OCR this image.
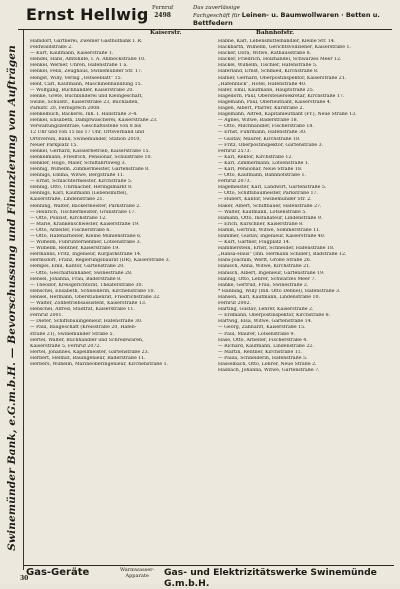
Ernst Hellwig Fernruf
2498
Das zuverlässige
Fachgeschäft für Leinen- u. Baumwollwaren · Betten u. Bettfedern
Swinemünder Bank, e.G.m.b.H. — Bevorschussung und Finanzierung von Aufträgen
Kaiserstr.	Bahnhofstr.
Hamdorf, Gärtnerei, Zweiner Gasthofbank I. R.
Feldwaldstraße 2.
— Kurt, Kaufmann, Kaiserstraße 1.
Hendel, Hans, Amtshilfe, I. A. Ahlbeckstraße 10.
Henkel, Werner, Uhren, Hafenstraße 1 a.
Henkel, Felix, Zeughaus, Swinemünder Str. 17.
Hengst, Willy, Verlag „Ostseeblatt“ 15.
Henf, Carl, Kaufmann, Maschinenhandlung 15.
— Wolfgang, Buchhändler, Kaiserstraße 20.
Henke, Grete, Buchbinderei und Kleingeschäft,
Swine, Schulstr., Kaiserstraße 23, Buchladen,
Parkstr. 20, Fernsprech 2008.
Henkelbuch, Bäckerei, Inh. I. Hallstraße 3–4.
Henkel, Elisabeth, Dampfwäscherei, Kaiserstraße 23.
Verwaltungszentrale, Geschäftsstelle von 8 bis
12 Uhr und von 15 bis 17 Uhr, Ortsverband und
Ortsverein, Bank, Swinemünder, Station 2010,
Neuer Parkplatz 15.
Henkel, Gerhard, Kassierbetrieb, Kaiserstraße 15.
Henkelmann, Friedrich, Pensionär, Schulstraße 10.
Henkler, Hugo, Maler, Schiffahrtsweg 3.
Hennig, Wilhelm, Zimmermeister, Gartenstraße 8.
Hennigs, Emma, Witwe, Bergstraße 11.
— Ernst, Schlachtermeister, Kirchstraße 5.
Hennig, Otto, Uhrmacher, Heringsmarkt 8.
Hennigs, Karl, Kaufmann (Lebensmittel),
Kaiserstraße, Lindenstraße 21.
Henning, Walter, Bäckermeister, Parkstraße 2.
— Heinrich, Tischlermeister, Grünstraße 17.
— Otto, Polizist, Kirchstraße 12.
— Marie, Krankenschwester, Kaiserstraße 19.
— Otto, Arbeiter, Fischerstraße 6.
— Otto, Hafenarbeiter, Kleine Mühlenstraße 6.
— Wilhelm, Fuhrunternehmer, Lotsenstraße 3.
— Wilhelm, Rentner, Kaiserstraße 19.
Hermanns, Fritz, Ingenieur, Kurparkstraße 14.
Hermsdorf, Franz, Regierungsbaurat (DR), Kaiserstraße 3.
Hempel, Emil, Kantor, Gartenstraße 20.
— Otto, Geschäftsinhaber, Swinestraße 28.
Hensel, Johanna, Frau, Bäderstraße 8.
— Theodor, Kreisgerichtsrat, Theaterstraße 30.
Henschel, Elisabeth, Schneiderin, Kirchenstraße 10.
Hensel, Hermann, Oberstudienrat, Friedrichstraße 32.
— Walter, Zollbetriebsassistent, Kaiserstraße 13.
Henschel, Alfred, Stadtrat, Kaiserstraße 11.
Fernruf 2001.
— Dieter, Schiffsbauingenieur, Hafenstraße 30.
— Paul, Baugeschäft (Kreisstraße 20, Hafen-
straße 21), Swinemünder Straße 5.
Hertel, Walter, Buchhändler und Schreibwaren,
Kaiserstraße 5, Fernruf 2072.
Hertel, Johannes, Kapellmeister, Gartenstraße 23.
Herbert, Helmut, Bauingenieur, Bäderstraße 11.
Herbers, Wilhelm, Marineoberingenieur, Kirchenstraße 1.
Habbe, Karl, Lebensmittelhändler, Kleine Str. 14.
Hackbarth, Wilhelm, Gerichtsvollzieher, Kaiserstraße 1.
Hacker, Dora, Witwe, Rathausstraße 8.
Hacker, Friedrich, Holzhandel, Schwarzes Meer 12.
Hackel, Wilhelm, Tischler, Hafenstraße 5.
Haferland, Ernst, Schmied, Kirchstraße 8.
Hafner, Gerhard, Oberpostinspektor, Kaiserstraße 21.
„Hafenblick“, Hotel, Hafenstraße 40.
Hafer, Emil, Kaufmann, Hauptstraße 25.
Hagedorn, Paul, Obersteuersekretär, Kirchstraße 17.
Hagemann, Paul, Oberleutnant, Kaiserstraße 4.
Hagen, Albert, Pfarrer, Kurstraße 2.
Hagemann, Alfred, Kapitänleutnant (Fr.), Neue Straße 13.
— Agnes, Witwe, Bäderstraße 18.
— Otto, Milchhändler, Fischerstraße 18.
— Ernst, Fuhrmann, Hafenstraße 30.
— Gustav, Maurer, Kirchstraße 18.
— Fritz, Oberpostinspektor, Gartenstraße 3.
Fernruf 2573.
— Karl, Rektor, Kirchstraße 12.
— Karl, Zimmermann, Lotsenstraße 1.
— Karl, Pensionär, Neue Straße 18.
— Otto, Kaufmann, Bahnhofstraße 1.
Fernruf 2073.
Hagemeister, Karl, Landwirt, Gartenstraße 5.
— Otto, Schiffsbaumeister, Parkstraße 17.
— Hubert, Kantor, Swinemünder Str. 2.
Haker, Albert, Schiffbauer, Hafenstraße 27.
— Walter, Kaufmann, Lotsenstraße 5.
Hamann, Otto, Installateur, Lindenstraße 9.
— Erich, Kürschner, Kaiserstraße 8.
Hamm, Gertrud, Witwe, Sommerstraße 11.
Hammer, Gustav, Ingenieur, Kaiserstraße 40.
— Kurt, Gärtner, Flugplatz 14.
Hammerstein, Ernst, Schneider, Hafenstraße 18.
„Hansa-Haus“ (Inh. Hermann Schiller), Badstraße 12.
Hans-Joachim, Werft, Große Straße 26.
Hanisch, Anna, Witwe, Kirchstraße 21.
Hanisch, Albert, Ingenieur, Gartenstraße 19.
Hannig, Otto, Lehrer, Schwarzes Meer 7.
Hanke, Gertrud, Frau, Swinestraße 2.
* Hanning, Willy (Inh. Otto Dehnel), Hafenstraße 3.
Hansen, Karl, Kaufmann, Lindenstraße 10.
Fernruf 2002.
Harting, Gustav, Lehrer, Kaiserstraße 2.
— Erdmann, Oberpostinspektor, Kirchstraße 8.
Hartwig, Elsa, Witwe, Gartenstraße 14.
— Georg, Zahnarzt, Kaiserstraße 15.
— Paul, Maurer, Lotsenstraße 9.
Hase, Otto, Arbeiter, Fischerstraße 4.
— Richard, Kaufmann, Lindenstraße 22.
— Martin, Rentner, Kirchstraße 11.
— Paula, Schneiderin, Hafenstraße 5.
Hasselbach, Otto, Lehrer, Neue Straße 2.
Hasbach, Johanna, Witwe, Gartenstraße 7.
Gas-Geräte	Warmwasser-
Apparate	Gas- und Elektrizitätswerke Swinemünde G.m.b.H.
30
